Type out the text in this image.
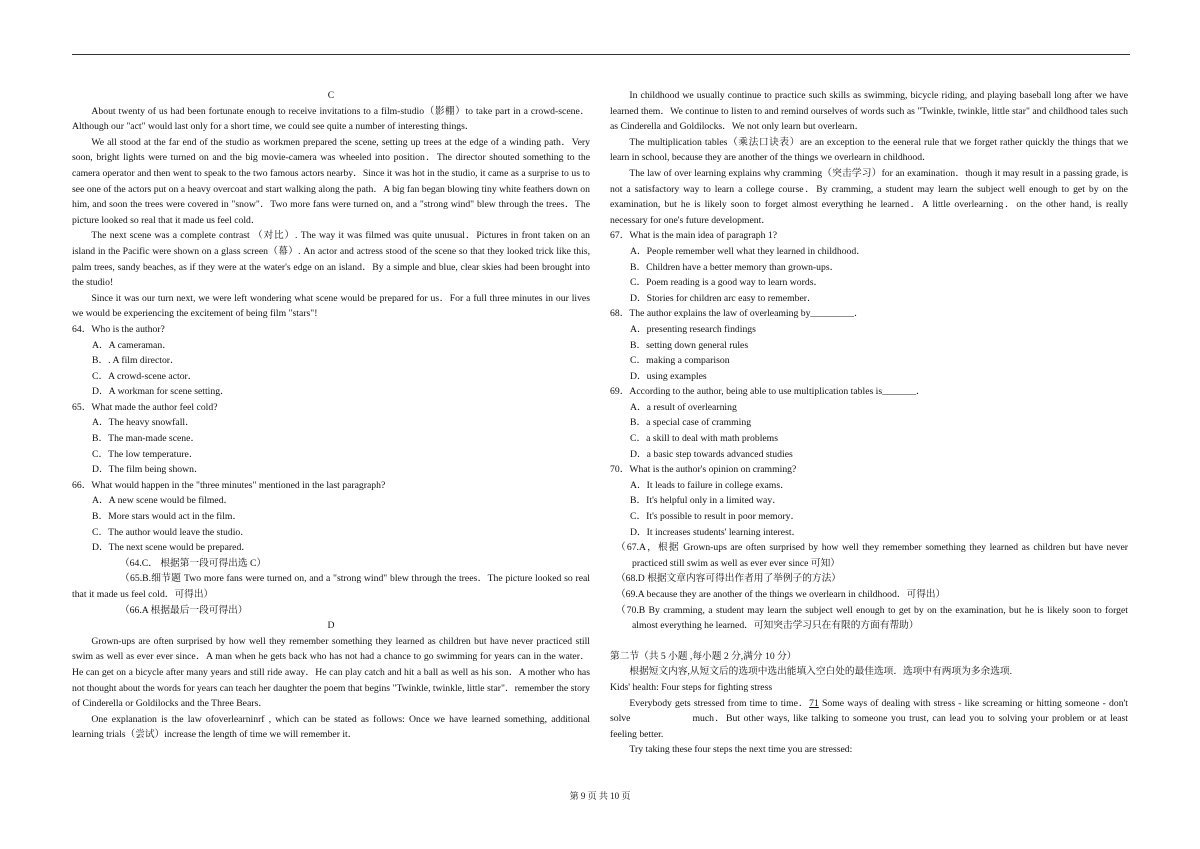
C

About twenty of us had been fortunate enough to receive invitations to a film-studio（影棚）to take part in a crowd-scene．Although our "act" would last only for a short time, we could see quite a number of interesting things．

We all stood at the far end of the studio as workmen prepared the scene, setting up trees at the edge of a winding path．Very soon, bright lights were turned on and the big movie-camera was wheeled into position．The director shouted something to the camera operator and then went to speak to the two famous actors nearby．Since it was hot in the studio, it came as a surprise to us to see one of the actors put on a heavy overcoat and start walking along the path．A big fan began blowing tiny white feathers down on him, and soon the trees were covered in "snow"．Two more fans were turned on, and a "strong wind" blew through the trees．The picture looked so real that it made us feel cold．

The next scene was a complete contrast （对比）. The way it was filmed was quite unusual．Pictures in front taken on an island in the Pacific were shown on a glass screen（幕）. An actor and actress stood of the scene so that they looked trick like this, palm trees, sandy beaches, as if they were at the water's edge on an island．By a simple and blue, clear skies had been brought into the studio!

Since it was our turn next, we were left wondering what scene would be prepared for us．For a full three minutes in our lives we would be experiencing the excitement of being film "stars"!

64．Who is the author?

A．A cameraman．

B．. A film director．

C．A crowd-scene actor．

D．A workman for scene setting．

65．What made the author feel cold?

A．The heavy snowfall．

B．The man-made scene．

C．The low temperature．

D．The film being shown．

66．What would happen in the "three minutes" mentioned in the last paragraph?

A．A new scene would be filmed．

B．More stars would act in the film．

C．The author would leave the studio．

D．The next scene would be prepared．

（64.C． 根据第一段可得出选 C）

（65.B.细节题 Two more fans were turned on, and a "strong wind" blew through the trees．The picture looked so real that it made us feel cold．可得出）

（66.A 根据最后一段可得出）

D

Grown-ups are often surprised by how well they remember something they learned as children but have never practiced still swim as well as ever ever since．A man when he gets back who has not had a chance to go swimming for years can in the water．He can get on a bicycle after many years and still ride away．He can play catch and hit a ball as well as his son．A mother who has not thought about the words for years can teach her daughter the poem that begins "Twinkle, twinkle, little star"．remember the story of Cinderella or Goldilocks and the Three Bears．

One explanation is the law ofoverlearninrf , which can be stated as follows: Once we have learned something, additional learning trials（尝试）increase the length of time we will remember it．

In childhood we usually continue to practice such skills as swimming, bicycle riding, and playing baseball long after we have learned them．We continue to listen to and remind ourselves of words such as "Twinkle, twinkle, little star" and childhood tales such as Cinderella and Goldilocks．We not only learn but overlearn．

The multiplication tables（乘法口诀表）are an exception to the eeneral rule that we forget rather quickly the things that we learn in school, because they are another of the things we overlearn in childhood．

The law of over learning explains why cramming（突击学习）for an examination．though it may result in a passing grade, is not a satisfactory way to learn a college course．By cramming, a student may learn the subject well enough to get by on the examination, but he is likely soon to forget almost everything he learned．A little overlearning．on the other hand, is really necessary for one's future development．

67．What is the main idea of paragraph 1?

A．People remember well what they learned in childhood．

B．Children have a better memory than grown-ups．

C．Poem reading is a good way to learn words．

D．Stories for children arc easy to remember．

68．The author explains the law of overleaming by_________．

A．presenting research findings

B．setting down general rules

C．making a comparison

D．using examples

69．According to the author, being able to use multiplication tables is_______．

A．a result of overlearning

B．a special case of cramming

C．a skill to deal with math problems

D．a basic step towards advanced studies

70．What is the author's opinion on cramming?

A．It leads to failure in college exams．

B．It's helpful only in a limited way．

C．It's possible to result in poor memory．

D．It increases students' learning interest．

（67.A，根据 Grown-ups are often surprised by how well they remember something they learned as children but have never practiced still swim as well as ever ever since 可知）

（68.D 根据文章内容可得出作者用了举例子的方法）

（69.A because they are another of the things we overlearn in childhood．可得出）

（70.B By cramming, a student may learn the subject well enough to get by on the examination, but he is likely soon to forget almost everything he learned．可知突击学习只在有限的方面有帮助）

第二节（共 5 小题 ,每小题 2 分,满分 10 分）

根据短文内容,从短文后的选项中选出能填入空白处的最佳选项．选项中有两项为多余选项.

Kids' health: Four steps for fighting stress

Everybody gets stressed from time to time．71 Some ways of dealing with stress - like screaming or hitting someone - don't solve	much．But other ways, like talking to someone you trust, can lead you to solving your problem or at least feeling better.

Try taking these four steps the next time you are stressed:

第 9 页 共 10 页
